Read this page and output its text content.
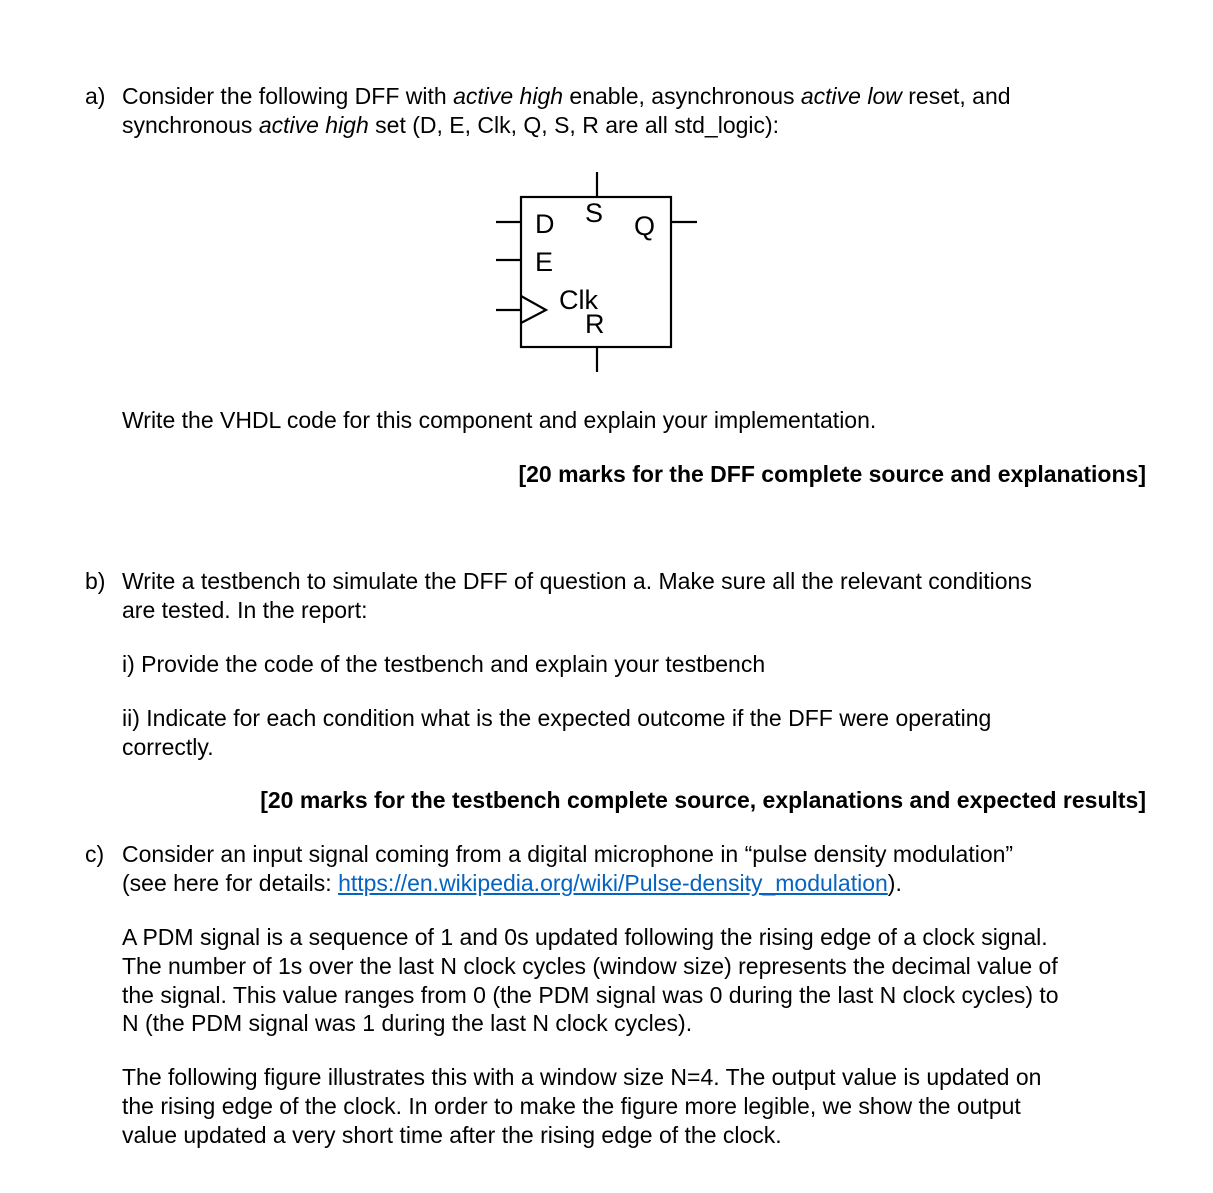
a) Consider the following DFF with active high enable, asynchronous active low reset, and
synchronous active high set (D, E, Clk, Q, S, R are all std_logic):
D
E
Clk
S Q
R
Write the VHDL code for this component and explain your implementation.
[20 marks for the DFF complete source and explanations]
b) Write a testbench to simulate the DFF of question a. Make sure all the relevant conditions
are tested. In the report:
i) Provide the code of the testbench and explain your testbench
ii) Indicate for each condition what is the expected outcome if the DFF were operating
correctly.
[20 marks for the testbench complete source, explanations and expected results]
c) Consider an input signal coming from a digital microphone in “pulse density modulation”
(see here for details: https://en.wikipedia.org/wiki/Pulse-density_modulation).
A PDM signal is a sequence of 1 and 0s updated following the rising edge of a clock signal.
The number of 1s over the last N clock cycles (window size) represents the decimal value of
the signal. This value ranges from 0 (the PDM signal was 0 during the last N clock cycles) to
N (the PDM signal was 1 during the last N clock cycles).
The following figure illustrates this with a window size N=4. The output value is updated on
the rising edge of the clock. In order to make the figure more legible, we show the output
value updated a very short time after the rising edge of the clock.
